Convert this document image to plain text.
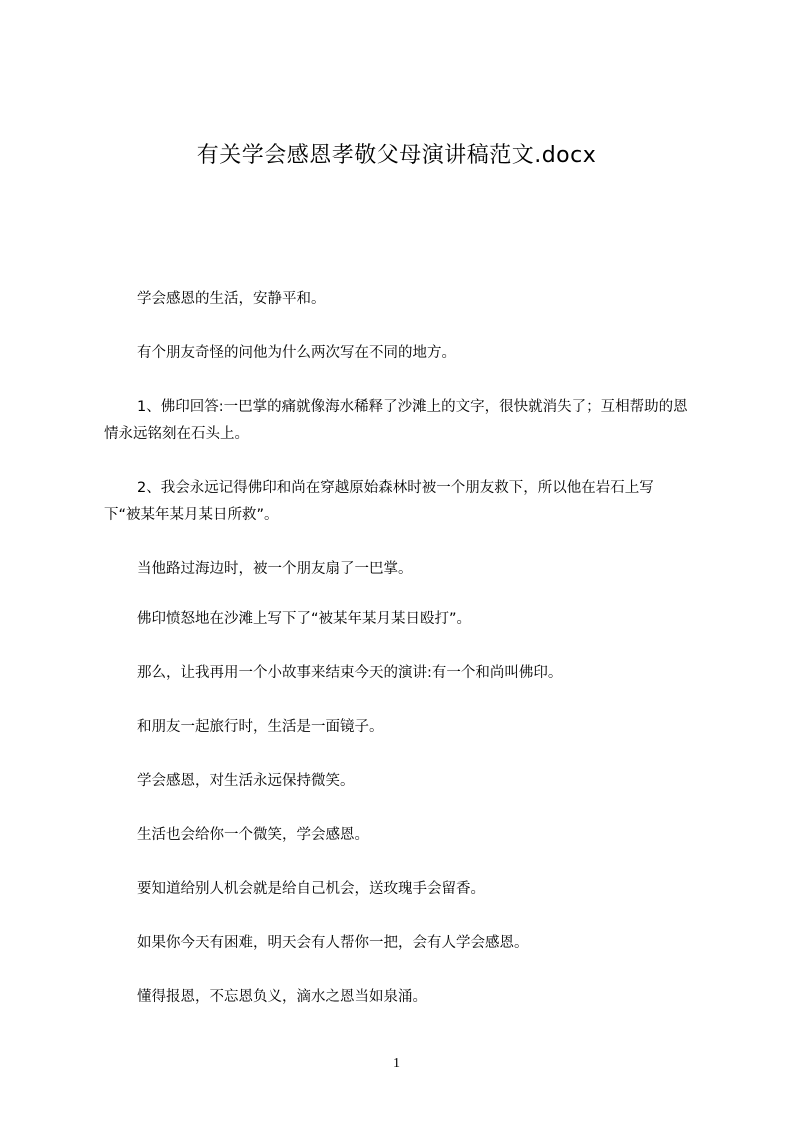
有关学会感恩孝敬父母演讲稿范文.docx
学会感恩的生活，安静平和。
有个朋友奇怪的问他为什么两次写在不同的地方。
1、佛印回答:一巴掌的痛就像海水稀释了沙滩上的文字，很快就消失了；互相帮助的恩情永远铭刻在石头上。
2、我会永远记得佛印和尚在穿越原始森林时被一个朋友救下，所以他在岩石上写下“被某年某月某日所救”。
当他路过海边时，被一个朋友扇了一巴掌。
佛印愤怒地在沙滩上写下了“被某年某月某日殴打”。
那么，让我再用一个小故事来结束今天的演讲:有一个和尚叫佛印。
和朋友一起旅行时，生活是一面镜子。
学会感恩，对生活永远保持微笑。
生活也会给你一个微笑，学会感恩。
要知道给别人机会就是给自己机会，送玫瑰手会留香。
如果你今天有困难，明天会有人帮你一把，会有人学会感恩。
懂得报恩，不忘恩负义，滴水之恩当如泉涌。
1
